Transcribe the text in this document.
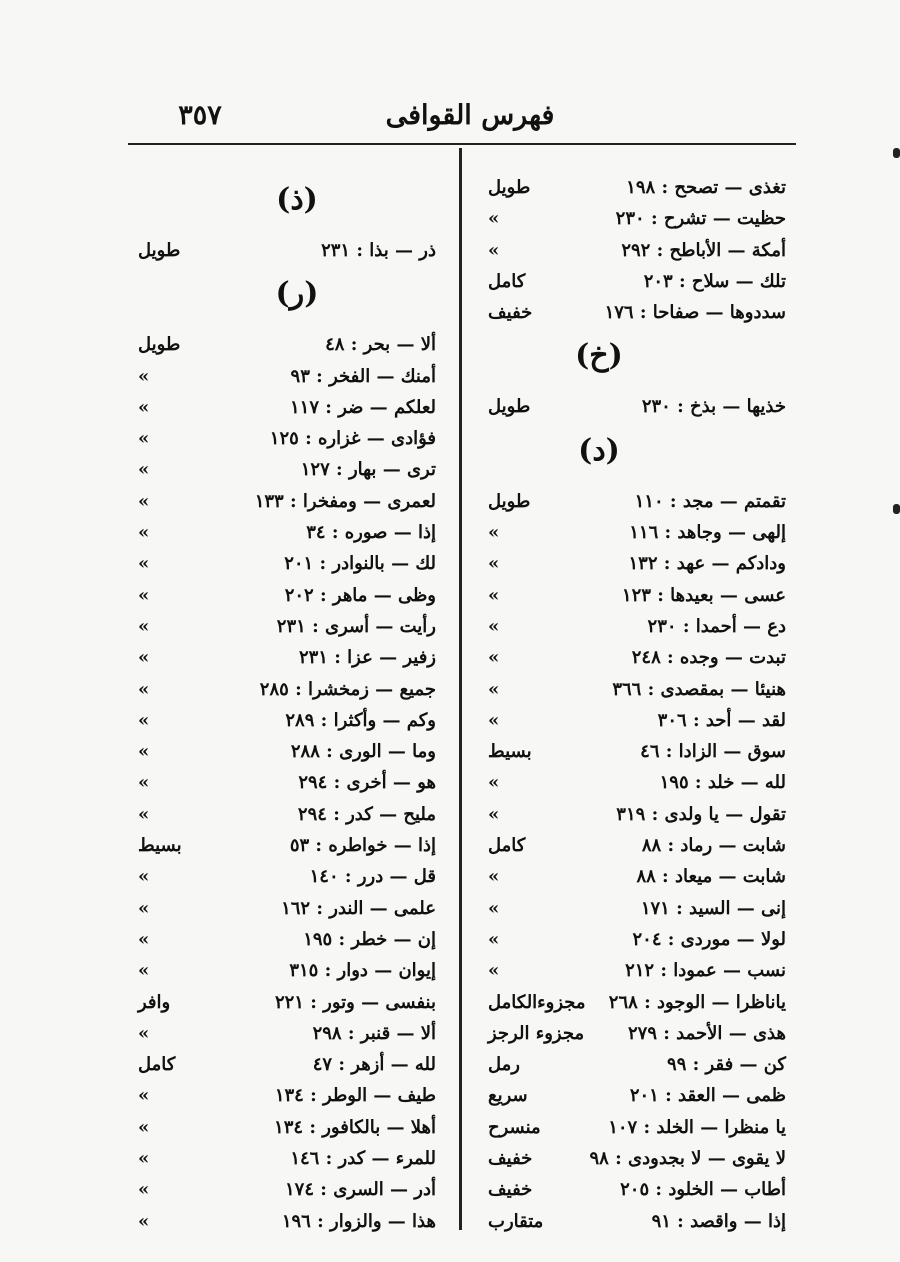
فهرس القوافى
٣٥٧
تغذى — تصحح : ١٩٨
طويل
حظيت — تشرح : ٢٣٠
»
أمكة — الأباطح : ٢٩٢
»
تلك — سلاح : ٢٠٣
كامل
سددوها — صفاحا : ١٧٦
خفيف
(خ)
خذيها — بذخ : ٢٣٠
طويل
(د)
تقمتم — مجد : ١١٠
طويل
إلهى — وجاهد : ١١٦
»
ودادكم — عهد : ١٣٢
»
عسى — بعيدها : ١٢٣
»
دع — أحمدا : ٢٣٠
»
تبدت — وجده : ٢٤٨
»
هنيئا — بمقصدى : ٣٦٦
»
لقد — أحد : ٣٠٦
»
سوق — الزادا : ٤٦
بسيط
لله — خلد : ١٩٥
»
تقول — يا ولدى : ٣١٩
»
شابت — رماد : ٨٨
كامل
شابت — ميعاد : ٨٨
»
إنى — السيد : ١٧١
»
لولا — موردى : ٢٠٤
»
نسب — عمودا : ٢١٢
»
ياناظرا — الوجود : ٢٦٨
مجزوءالكامل
هذى — الأحمد : ٢٧٩
مجزوء الرجز
كن — فقر : ٩٩
رمل
ظمى — العقد : ٢٠١
سريع
يا منظرا — الخلد : ١٠٧
منسرح
لا يقوى — لا بجدودى : ٩٨
خفيف
أطاب — الخلود : ٢٠٥
خفيف
إذا — واقصد : ٩١
متقارب
(ذ)
ذر — بذا : ٢٣١
طويل
(ر)
ألا — بحر : ٤٨
طويل
أمنك — الفخر : ٩٣
»
لعلكم — ضر : ١١٧
»
فؤادى — غزاره : ١٢٥
»
ترى — بهار : ١٢٧
»
لعمرى — ومفخرا : ١٣٣
»
إذا — صوره : ٣٤
»
لك — بالنوادر : ٢٠١
»
وظى — ماهر : ٢٠٢
»
رأيت — أسرى : ٢٣١
»
زفير — عزا : ٢٣١
»
جميع — زمخشرا : ٢٨٥
»
وكم — وأكثرا : ٢٨٩
»
وما — الورى : ٢٨٨
»
هو — أخرى : ٢٩٤
»
مليح — كدر : ٢٩٤
»
إذا — خواطره : ٥٣
بسيط
قل — درر : ١٤٠
»
علمى — الندر : ١٦٢
»
إن — خطر : ١٩٥
»
إيوان — دوار : ٣١٥
»
بنفسى — وتور : ٢٢١
وافر
ألا — قنبر : ٢٩٨
»
لله — أزهر : ٤٧
كامل
طيف — الوطر : ١٣٤
»
أهلا — بالكافور : ١٣٤
»
للمرء — كدر : ١٤٦
»
أدر — السرى : ١٧٤
»
هذا — والزوار : ١٩٦
»
